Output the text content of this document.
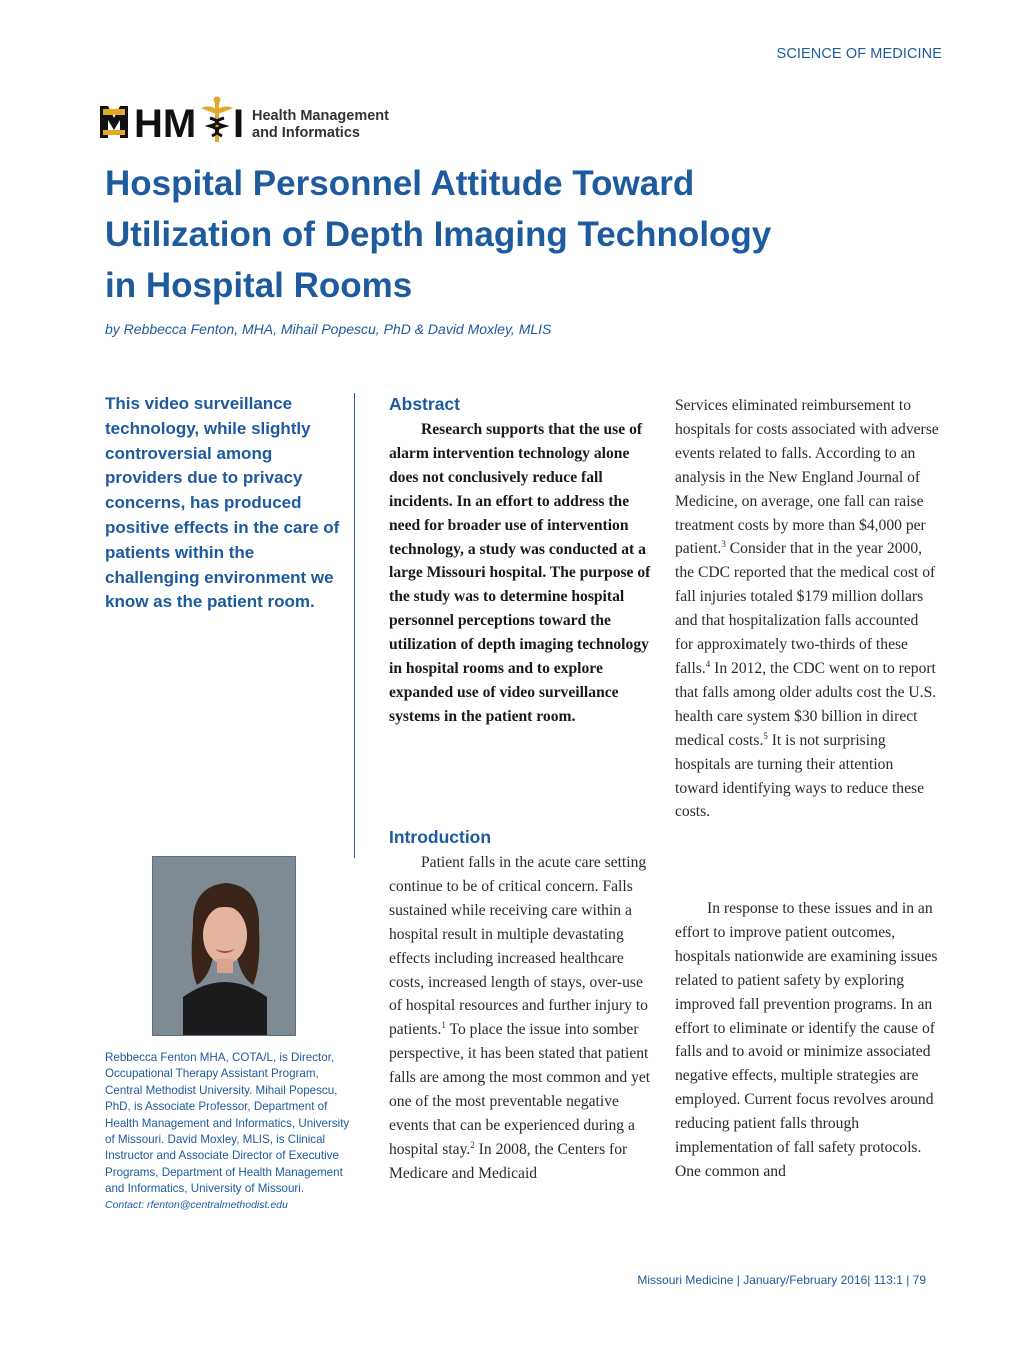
SCIENCE OF MEDICINE
HM I Health Management
and Informatics
Hospital Personnel Attitude Toward
Utilization of Depth Imaging Technology
in Hospital Rooms
by Rebbecca Fenton, MHA, Mihail Popescu, PhD & David Moxley, MLIS

This video surveillance technology, while slightly controversial among providers due to privacy concerns, has produced positive effects in the care of patients within the challenging environment we know as the patient room.

Rebbecca Fenton MHA, COTA/L, is Director, Occupational Therapy Assistant Program, Central Methodist University. Mihail Popescu, PhD, is Associate Professor, Department of Health Management and Informatics, University of Missouri. David Moxley, MLIS, is Clinical Instructor and Associate Director of Executive Programs, Department of Health Management and Informatics, University of Missouri.
Contact: rfenton@centralmethodist.edu
Abstract

Research supports that the use of alarm intervention technology alone does not conclusively reduce fall incidents. In an effort to address the need for broader use of intervention technology, a study was conducted at a large Missouri hospital. The purpose of the study was to determine hospital personnel perceptions toward the utilization of depth imaging technology in hospital rooms and to explore expanded use of video surveillance systems in the patient room.

Introduction

Patient falls in the acute care setting continue to be of critical concern. Falls sustained while receiving care within a hospital result in multiple devastating effects including increased healthcare costs, increased length of stays, over-use of hospital resources and further injury to patients.$^1$ To place the issue into somber perspective, it has been stated that patient falls are among the most common and yet one of the most preventable negative events that can be experienced during a hospital stay.$^2$ In 2008, the Centers for Medicare and Medicaid

Services eliminated reimbursement to hospitals for costs associated with adverse events related to falls. According to an analysis in the New England Journal of Medicine, on average, one fall can raise treatment costs by more than $4,000 per patient.$^3$ Consider that in the year 2000, the CDC reported that the medical cost of fall injuries totaled $179 million dollars and that hospitalization falls accounted for approximately two-thirds of these falls.$^4$ In 2012, the CDC went on to report that falls among older adults cost the U.S. health care system $30 billion in direct medical costs.$^5$ It is not surprising hospitals are turning their attention toward identifying ways to reduce these costs.

In response to these issues and in an effort to improve patient outcomes, hospitals nationwide are examining issues related to patient safety by exploring improved fall prevention programs. In an effort to eliminate or identify the cause of falls and to avoid or minimize associated negative effects, multiple strategies are employed. Current focus revolves around reducing patient falls through implementation of fall safety protocols. One common and

Missouri Medicine | January/February 2016| 113:1 | 79
